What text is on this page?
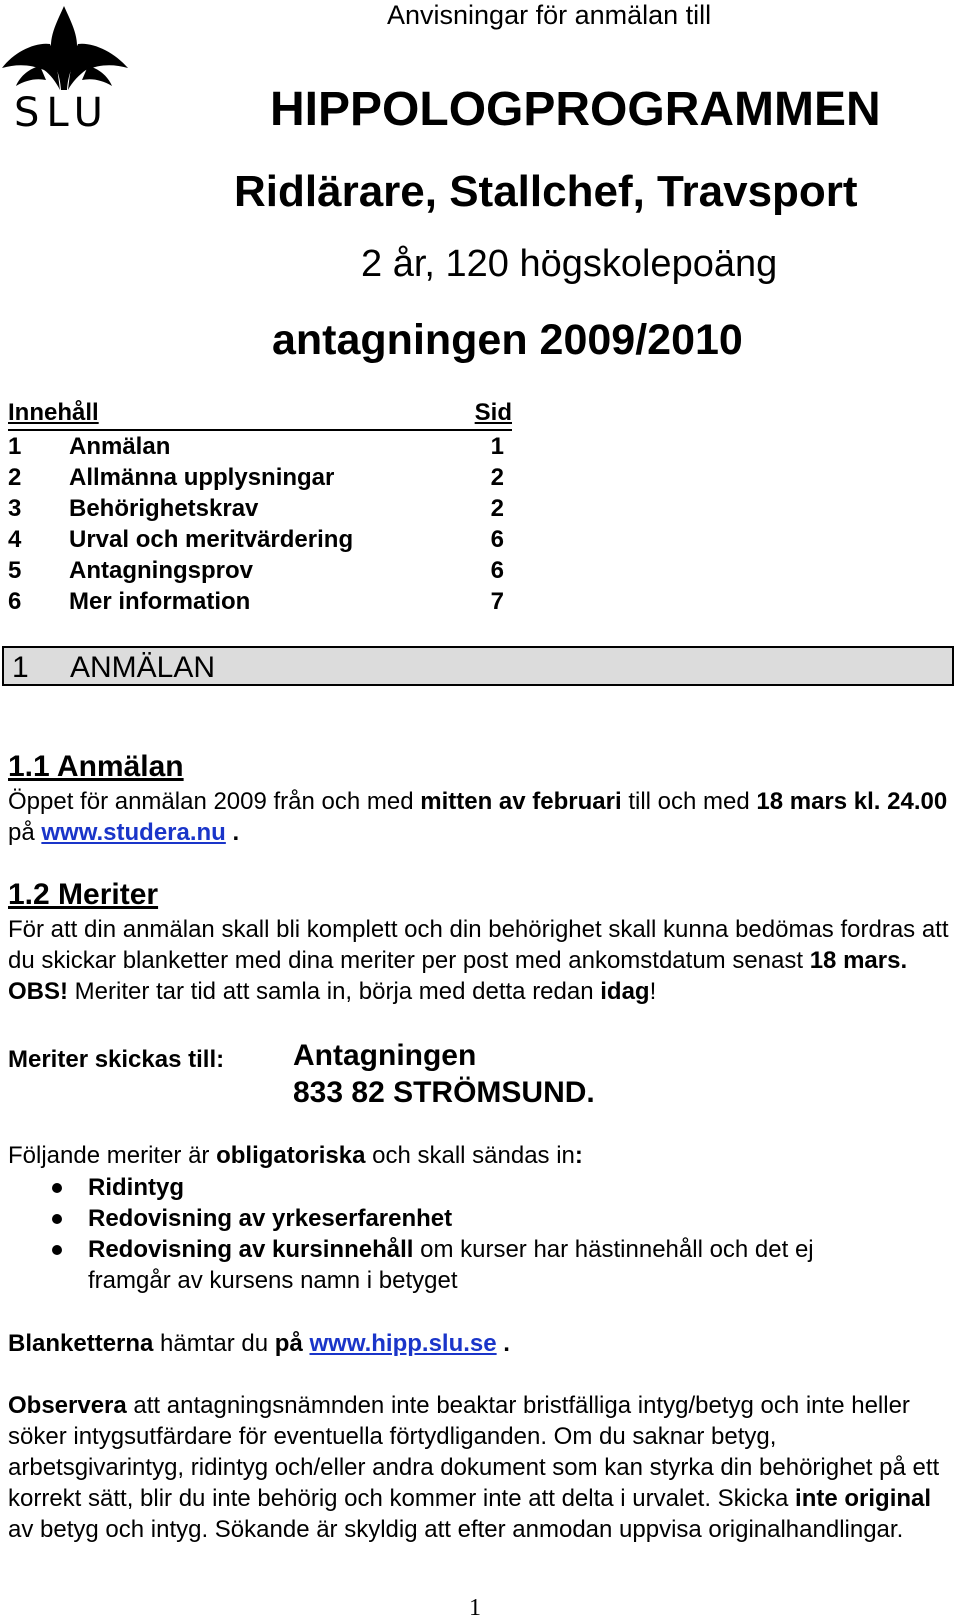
SLU
Anvisningar för anmälan till
HIPPOLOGPROGRAMMEN
Ridlärare, Stallchef, Travsport
2 år, 120 högskolepoäng
antagningen 2009/2010
Innehåll	Sid
1	Anmälan	1
2	Allmänna upplysningar	2
3	Behörighetskrav	2
4	Urval och meritvärdering	6
5	Antagningsprov	6
6	Mer information	7
1 ANMÄLAN
1.1 Anmälan
Öppet för anmälan 2009 från och med mitten av februari till och med 18 mars kl. 24.00 på www.studera.nu .
1.2 Meriter
För att din anmälan skall bli komplett och din behörighet skall kunna bedömas fordras att du skickar blanketter med dina meriter per post med ankomstdatum senast 18 mars. OBS! Meriter tar tid att samla in, börja med detta redan idag!
Meriter skickas till: Antagningen
833 82 STRÖMSUND.
Följande meriter är obligatoriska och skall sändas in:
Ridintyg
Redovisning av yrkeserfarenhet
Redovisning av kursinnehåll om kurser har hästinnehåll och det ej framgår av kursens namn i betyget
Blanketterna hämtar du på www.hipp.slu.se .
Observera att antagningsnämnden inte beaktar bristfälliga intyg/betyg och inte heller söker intygsutfärdare för eventuella förtydliganden. Om du saknar betyg, arbetsgivarintyg, ridintyg och/eller andra dokument som kan styrka din behörighet på ett korrekt sätt, blir du inte behörig och kommer inte att delta i urvalet. Skicka inte original av betyg och intyg. Sökande är skyldig att efter anmodan uppvisa originalhandlingar.
1
